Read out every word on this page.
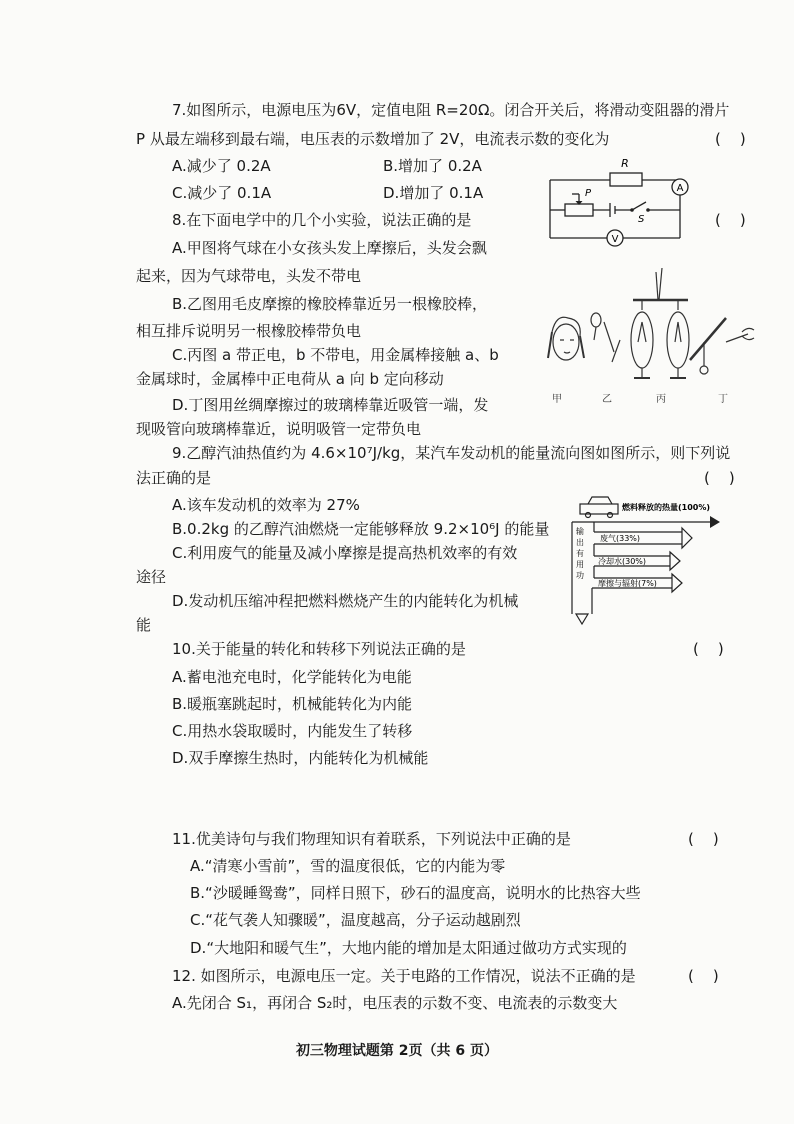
7.如图所示，电源电压为6V，定值电阻 R=20Ω。闭合开关后，将滑动变阻器的滑片
P 从最左端移到最右端，电压表的示数增加了 2V，电流表示数的变化为	(    )
A.减少了 0.2A	B.增加了 0.2A
C.减少了 0.1A	D.增加了 0.1A
R
A
V
P
S
8.在下面电学中的几个小实验，说法正确的是	(    )
A.甲图将气球在小女孩头发上摩擦后，头发会飘
起来，因为气球带电，头发不带电
B.乙图用毛皮摩擦的橡胶棒靠近另一根橡胶棒，
相互排斥说明另一根橡胶棒带负电
C.丙图 a 带正电，b 不带电，用金属棒接触 a、b
金属球时，金属棒中正电荷从 a 向 b 定向移动
D.丁图用丝绸摩擦过的玻璃棒靠近吸管一端，发
现吸管向玻璃棒靠近，说明吸管一定带负电
甲	乙	丙	丁
9.乙醇汽油热值约为 4.6×10⁷J/kg，某汽车发动机的能量流向图如图所示，则下列说
法正确的是	(    )
A.该车发动机的效率为 27%
B.0.2kg 的乙醇汽油燃烧一定能够释放 9.2×10⁶J 的能量
C.利用废气的能量及减小摩擦是提高热机效率的有效
途径
D.发动机压缩冲程把燃料燃烧产生的内能转化为机械
能
燃料释放的热量(100%)
废气(33%)
冷却水(30%)
摩擦与辐射(7%)
输出有用功
10.关于能量的转化和转移下列说法正确的是	(    )
A.蓄电池充电时，化学能转化为电能
B.暖瓶塞跳起时，机械能转化为内能
C.用热水袋取暖时，内能发生了转移
D.双手摩擦生热时，内能转化为机械能
11.优美诗句与我们物理知识有着联系，下列说法中正确的是	(    )
A.“清寒小雪前”，雪的温度很低，它的内能为零
B.“沙暖睡鸳鸯”，同样日照下，砂石的温度高，说明水的比热容大些
C.“花气袭人知骤暖”，温度越高，分子运动越剧烈
D.“大地阳和暖气生”，大地内能的增加是太阳通过做功方式实现的
12. 如图所示，电源电压一定。关于电路的工作情况，说法不正确的是	(    )
A.先闭合 S₁，再闭合 S₂时，电压表的示数不变、电流表的示数变大
初三物理试题第 2页（共 6 页）
